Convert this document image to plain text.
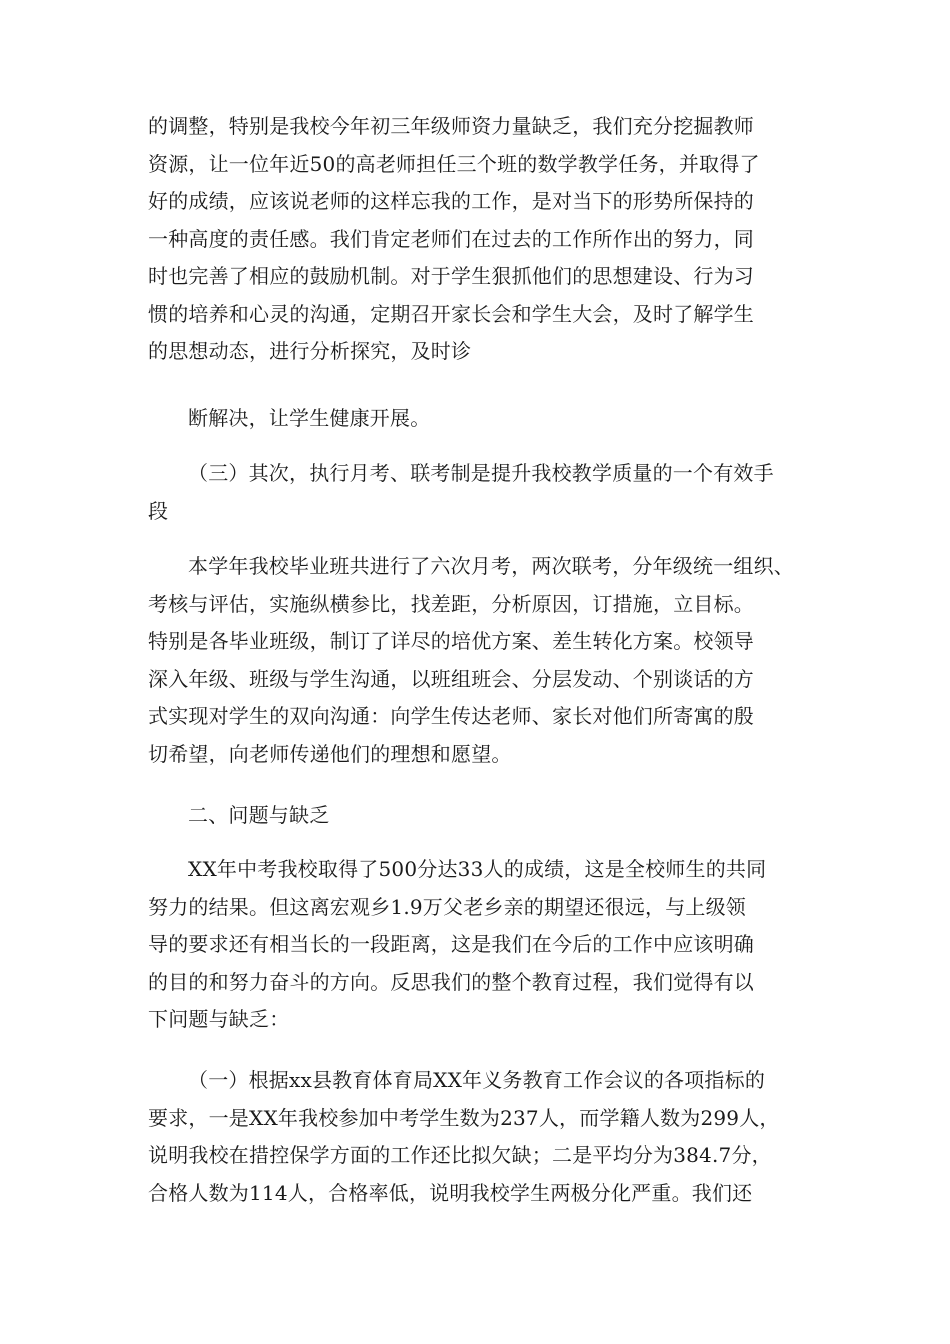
的调整，特别是我校今年初三年级师资力量缺乏，我们充分挖掘教师
资源，让一位年近50的高老师担任三个班的数学教学任务，并取得了
好的成绩，应该说老师的这样忘我的工作，是对当下的形势所保持的
一种高度的责任感。我们肯定老师们在过去的工作所作出的努力，同
时也完善了相应的鼓励机制。对于学生狠抓他们的思想建设、行为习
惯的培养和心灵的沟通，定期召开家长会和学生大会，及时了解学生
的思想动态，进行分析探究，及时诊
断解决，让学生健康开展。
（三）其次，执行月考、联考制是提升我校教学质量的一个有效手
段
本学年我校毕业班共进行了六次月考，两次联考，分年级统一组织、
考核与评估，实施纵横参比，找差距，分析原因，订措施，立目标。
特别是各毕业班级，制订了详尽的培优方案、差生转化方案。校领导
深入年级、班级与学生沟通，以班组班会、分层发动、个别谈话的方
式实现对学生的双向沟通：向学生传达老师、家长对他们所寄寓的殷
切希望，向老师传递他们的理想和愿望。
二、问题与缺乏
XX年中考我校取得了500分达33人的成绩，这是全校师生的共同
努力的结果。但这离宏观乡1.9万父老乡亲的期望还很远，与上级领
导的要求还有相当长的一段距离，这是我们在今后的工作中应该明确
的目的和努力奋斗的方向。反思我们的整个教育过程，我们觉得有以
下问题与缺乏：
（一）根据xx县教育体育局XX年义务教育工作会议的各项指标的
要求，一是XX年我校参加中考学生数为237人，而学籍人数为299人，
说明我校在措控保学方面的工作还比拟欠缺；二是平均分为384.7分，
合格人数为114人，合格率低，说明我校学生两极分化严重。我们还
